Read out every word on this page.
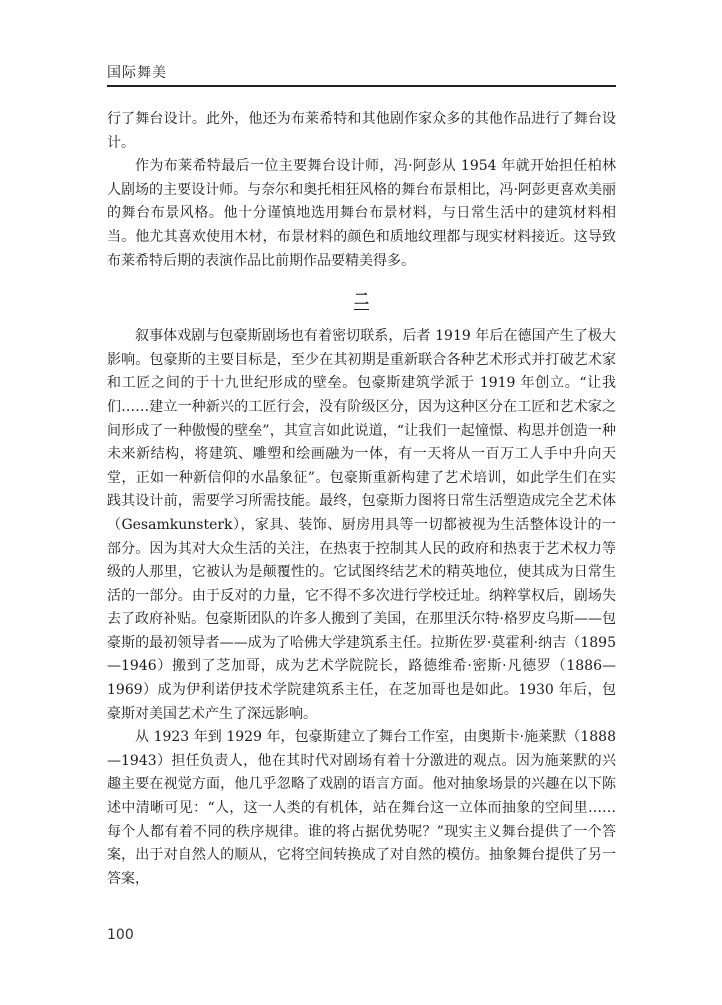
国际舞美

行了舞台设计。此外，他还为布莱希特和其他剧作家众多的其他作品进行了舞台设计。

作为布莱希特最后一位主要舞台设计师，冯·阿彭从 1954 年就开始担任柏林人剧场的主要设计师。与奈尔和奥托相狂风格的舞台布景相比，冯·阿彭更喜欢美丽的舞台布景风格。他十分谨慎地选用舞台布景材料，与日常生活中的建筑材料相当。他尤其喜欢使用木材，布景材料的颜色和质地纹理都与现实材料接近。这导致布莱希特后期的表演作品比前期作品要精美得多。

二

叙事体戏剧与包豪斯剧场也有着密切联系，后者 1919 年后在德国产生了极大影响。包豪斯的主要目标是，至少在其初期是重新联合各种艺术形式并打破艺术家和工匠之间的于十九世纪形成的壁垒。包豪斯建筑学派于 1919 年创立。“让我们……建立一种新兴的工匠行会，没有阶级区分，因为这种区分在工匠和艺术家之间形成了一种傲慢的壁垒”，其宣言如此说道，“让我们一起憧憬、构思并创造一种未来新结构，将建筑、雕塑和绘画融为一体，有一天将从一百万工人手中升向天堂，正如一种新信仰的水晶象征”。包豪斯重新构建了艺术培训，如此学生们在实践其设计前，需要学习所需技能。最终，包豪斯力图将日常生活塑造成完全艺术体（Gesamkunsterk），家具、装饰、厨房用具等一切都被视为生活整体设计的一部分。因为其对大众生活的关注，在热衷于控制其人民的政府和热衷于艺术权力等级的人那里，它被认为是颠覆性的。它试图终结艺术的精英地位，使其成为日常生活的一部分。由于反对的力量，它不得不多次进行学校迁址。纳粹掌权后，剧场失去了政府补贴。包豪斯团队的许多人搬到了美国，在那里沃尔特·格罗皮乌斯——包豪斯的最初领导者——成为了哈佛大学建筑系主任。拉斯佐罗·莫霍利·纳吉（1895—1946）搬到了芝加哥，成为艺术学院院长，路德维希·密斯·凡德罗（1886—1969）成为伊利诺伊技术学院建筑系主任，在芝加哥也是如此。1930 年后，包豪斯对美国艺术产生了深远影响。

从 1923 年到 1929 年，包豪斯建立了舞台工作室，由奥斯卡·施莱默（1888—1943）担任负责人，他在其时代对剧场有着十分激进的观点。因为施莱默的兴趣主要在视觉方面，他几乎忽略了戏剧的语言方面。他对抽象场景的兴趣在以下陈述中清晰可见：“人，这一人类的有机体，站在舞台这一立体而抽象的空间里……每个人都有着不同的秩序规律。谁的将占据优势呢？”现实主义舞台提供了一个答案，出于对自然人的顺从，它将空间转换成了对自然的模仿。抽象舞台提供了另一答案，

100
